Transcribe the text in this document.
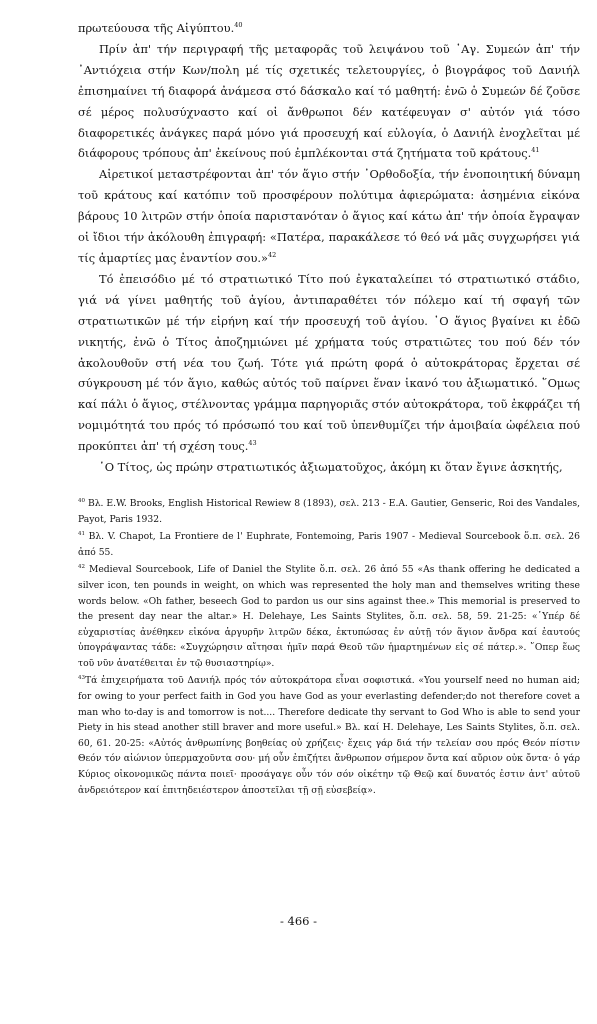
πρωτεύουσα τῆς Αἰγύπτου.$^{40}$

Πρίν ἀπ' τήν περιγραφή τῆς μεταφορᾶς τοῦ λειψάνου τοῦ ῾Αγ. Συμεών ἀπ' τήν ᾿Αντιόχεια στήν Κων/πολη μέ τίς σχετικές τελετουργίες, ὁ βιογράφος τοῦ Δανιήλ ἐπισημαίνει τή διαφορά ἀνάμεσα στό δάσκαλο καί τό μαθητή: ἐνῶ ὁ Συμεών δέ ζοῦσε σέ μέρος πολυσύχναστο καί οἱ ἄνθρωποι δέν κατέφευγαν σ' αὐτόν γιά τόσο διαφορετικές ἀνάγκες παρά μόνο γιά προσευχή καί εὐλογία, ὁ Δανιήλ ἐνοχλεῖται μέ διάφορους τρόπους ἀπ' ἐκείνους πού ἐμπλέκονται στά ζητήματα τοῦ κράτους.$^{41}$

Αἱρετικοί μεταστρέφονται ἀπ' τόν ἅγιο στήν ᾿Ορθοδοξία, τήν ἑνοποιητική δύναμη τοῦ κράτους καί κατόπιν τοῦ προσφέρουν πολύτιμα ἀφιερώματα: ἀσημένια εἰκόνα βάρους 10 λιτρῶν στήν ὁποία παριστανόταν ὁ ἅγιος καί κάτω ἀπ' τήν ὁποία ἔγραψαν οἱ ἴδιοι τήν ἀκόλουθη ἐπιγραφή: «Πατέρα, παρακάλεσε τό θεό νά μᾶς συγχωρήσει γιά τίς ἁμαρτίες μας ἐναντίον σου.»$^{42}$

Τό ἐπεισόδιο μέ τό στρατιωτικό Τίτο πού ἐγκαταλείπει τό στρατιωτικό στάδιο, γιά νά γίνει μαθητής τοῦ ἁγίου, ἀντιπαραθέτει τόν πόλεμο καί τή σφαγή τῶν στρατιωτικῶν μέ τήν εἰρήνη καί τήν προσευχή τοῦ ἁγίου. ῾Ο ἅγιος βγαίνει κι ἐδῶ νικητής, ἐνῶ ὁ Τίτος ἀποζημιώνει μέ χρήματα τούς στρατιῶτες του πού δέν τόν ἀκολουθοῦν στή νέα του ζωή. Τότε γιά πρώτη φορά ὁ αὐτοκράτορας ἔρχεται σέ σύγκρουση μέ τόν ἅγιο, καθώς αὐτός τοῦ παίρνει ἕναν ἱκανό του ἀξιωματικό. ῞Ομως καί πάλι ὁ ἅγιος, στέλνοντας γράμμα παρηγοριᾶς στόν αὐτοκράτορα, τοῦ ἐκφράζει τή νομιμότητά του πρός τό πρόσωπό του καί τοῦ ὑπενθυμίζει τήν ἀμοιβαία ὠφέλεια πού προκύπτει ἀπ' τή σχέση τους.$^{43}$

῾Ο Τίτος, ὡς πρώην στρατιωτικός ἀξιωματοῦχος, ἀκόμη κι ὅταν ἔγινε ἀσκητής,

$^{40}$ Βλ. E.W. Brooks, English Historical Rewiew 8 (1893), σελ. 213 - E.A. Gautier, Genseric, Roi des Vandales, Payot, Paris 1932.

$^{41}$ Βλ. V. Chapot, La Frontiere de l' Euphrate, Fontemoing, Paris 1907 - Medieval Sourcebook ὅ.π. σελ. 26 ἀπό 55.

$^{42}$ Medieval Sourcebook, Life of Daniel the Stylite ὅ.π. σελ. 26 ἀπό 55 «As thank offering he dedicated a silver icon, ten pounds in weight, on which was represented the holy man and themselves writing these words below. «Oh father, beseech God to pardon us our sins against thee.» This memorial is preserved to the present day near the altar.» H. Delehaye, Les Saints Stylites, ὅ.π. σελ. 58, 59. 21-25: «῾Υπέρ δέ εὐχαριστίας ἀνέθηκεν εἰκόνα ἀργυρῆν λιτρῶν δέκα, ἐκτυπώσας ἐν αὐτῇ τόν ἅγιον ἄνδρα καί ἑαυτούς ὑπογράψαντας τάδε: «Συγχώρησιν αἴτησαι ἡμῖν παρά Θεοῦ τῶν ἡμαρτημένων εἰς σέ πάτερ.». ῞Οπερ ἕως τοῦ νῦν ἀνατέθειται ἐν τῷ θυσιαστηρίῳ».

$^{43}$Τά ἐπιχειρήματα τοῦ Δανιήλ πρός τόν αὐτοκράτορα εἶναι σοφιστικά. «You yourself need no human aid; for owing to your perfect faith in God you have God as your everlasting defender;do not therefore covet a man who to-day is and tomorrow is not.... Therefore dedicate thy servant to God Who is able to send your Piety in his stead another still braver and more useful.» Βλ. καί H. Delehaye, Les Saints Stylites, ὅ.π. σελ. 60, 61. 20-25: «Αὐτός ἀνθρωπίνης βοηθείας οὐ χρήζεις· ἔχεις γάρ διά τήν τελείαν σου πρός Θεόν πίστιν Θεόν τόν αἰώνιον ὑπερμαχοῦντα σου· μή οὖν ἐπιζήτει ἄνθρωπον σήμερον ὄντα καί αὔριον οὐκ ὄντα· ὁ γάρ Κύριος οἰκονομικῶς πάντα ποιεῖ· προσάγαγε οὖν τόν σόν οἰκέτην τῷ Θεῷ καί δυνατός ἐστιν ἀντ' αὐτοῦ ἀνδρειότερον καί ἐπιτηδειέστερον ἀποστεῖλαι τῇ σῇ εὐσεβείᾳ».

- 466 -
